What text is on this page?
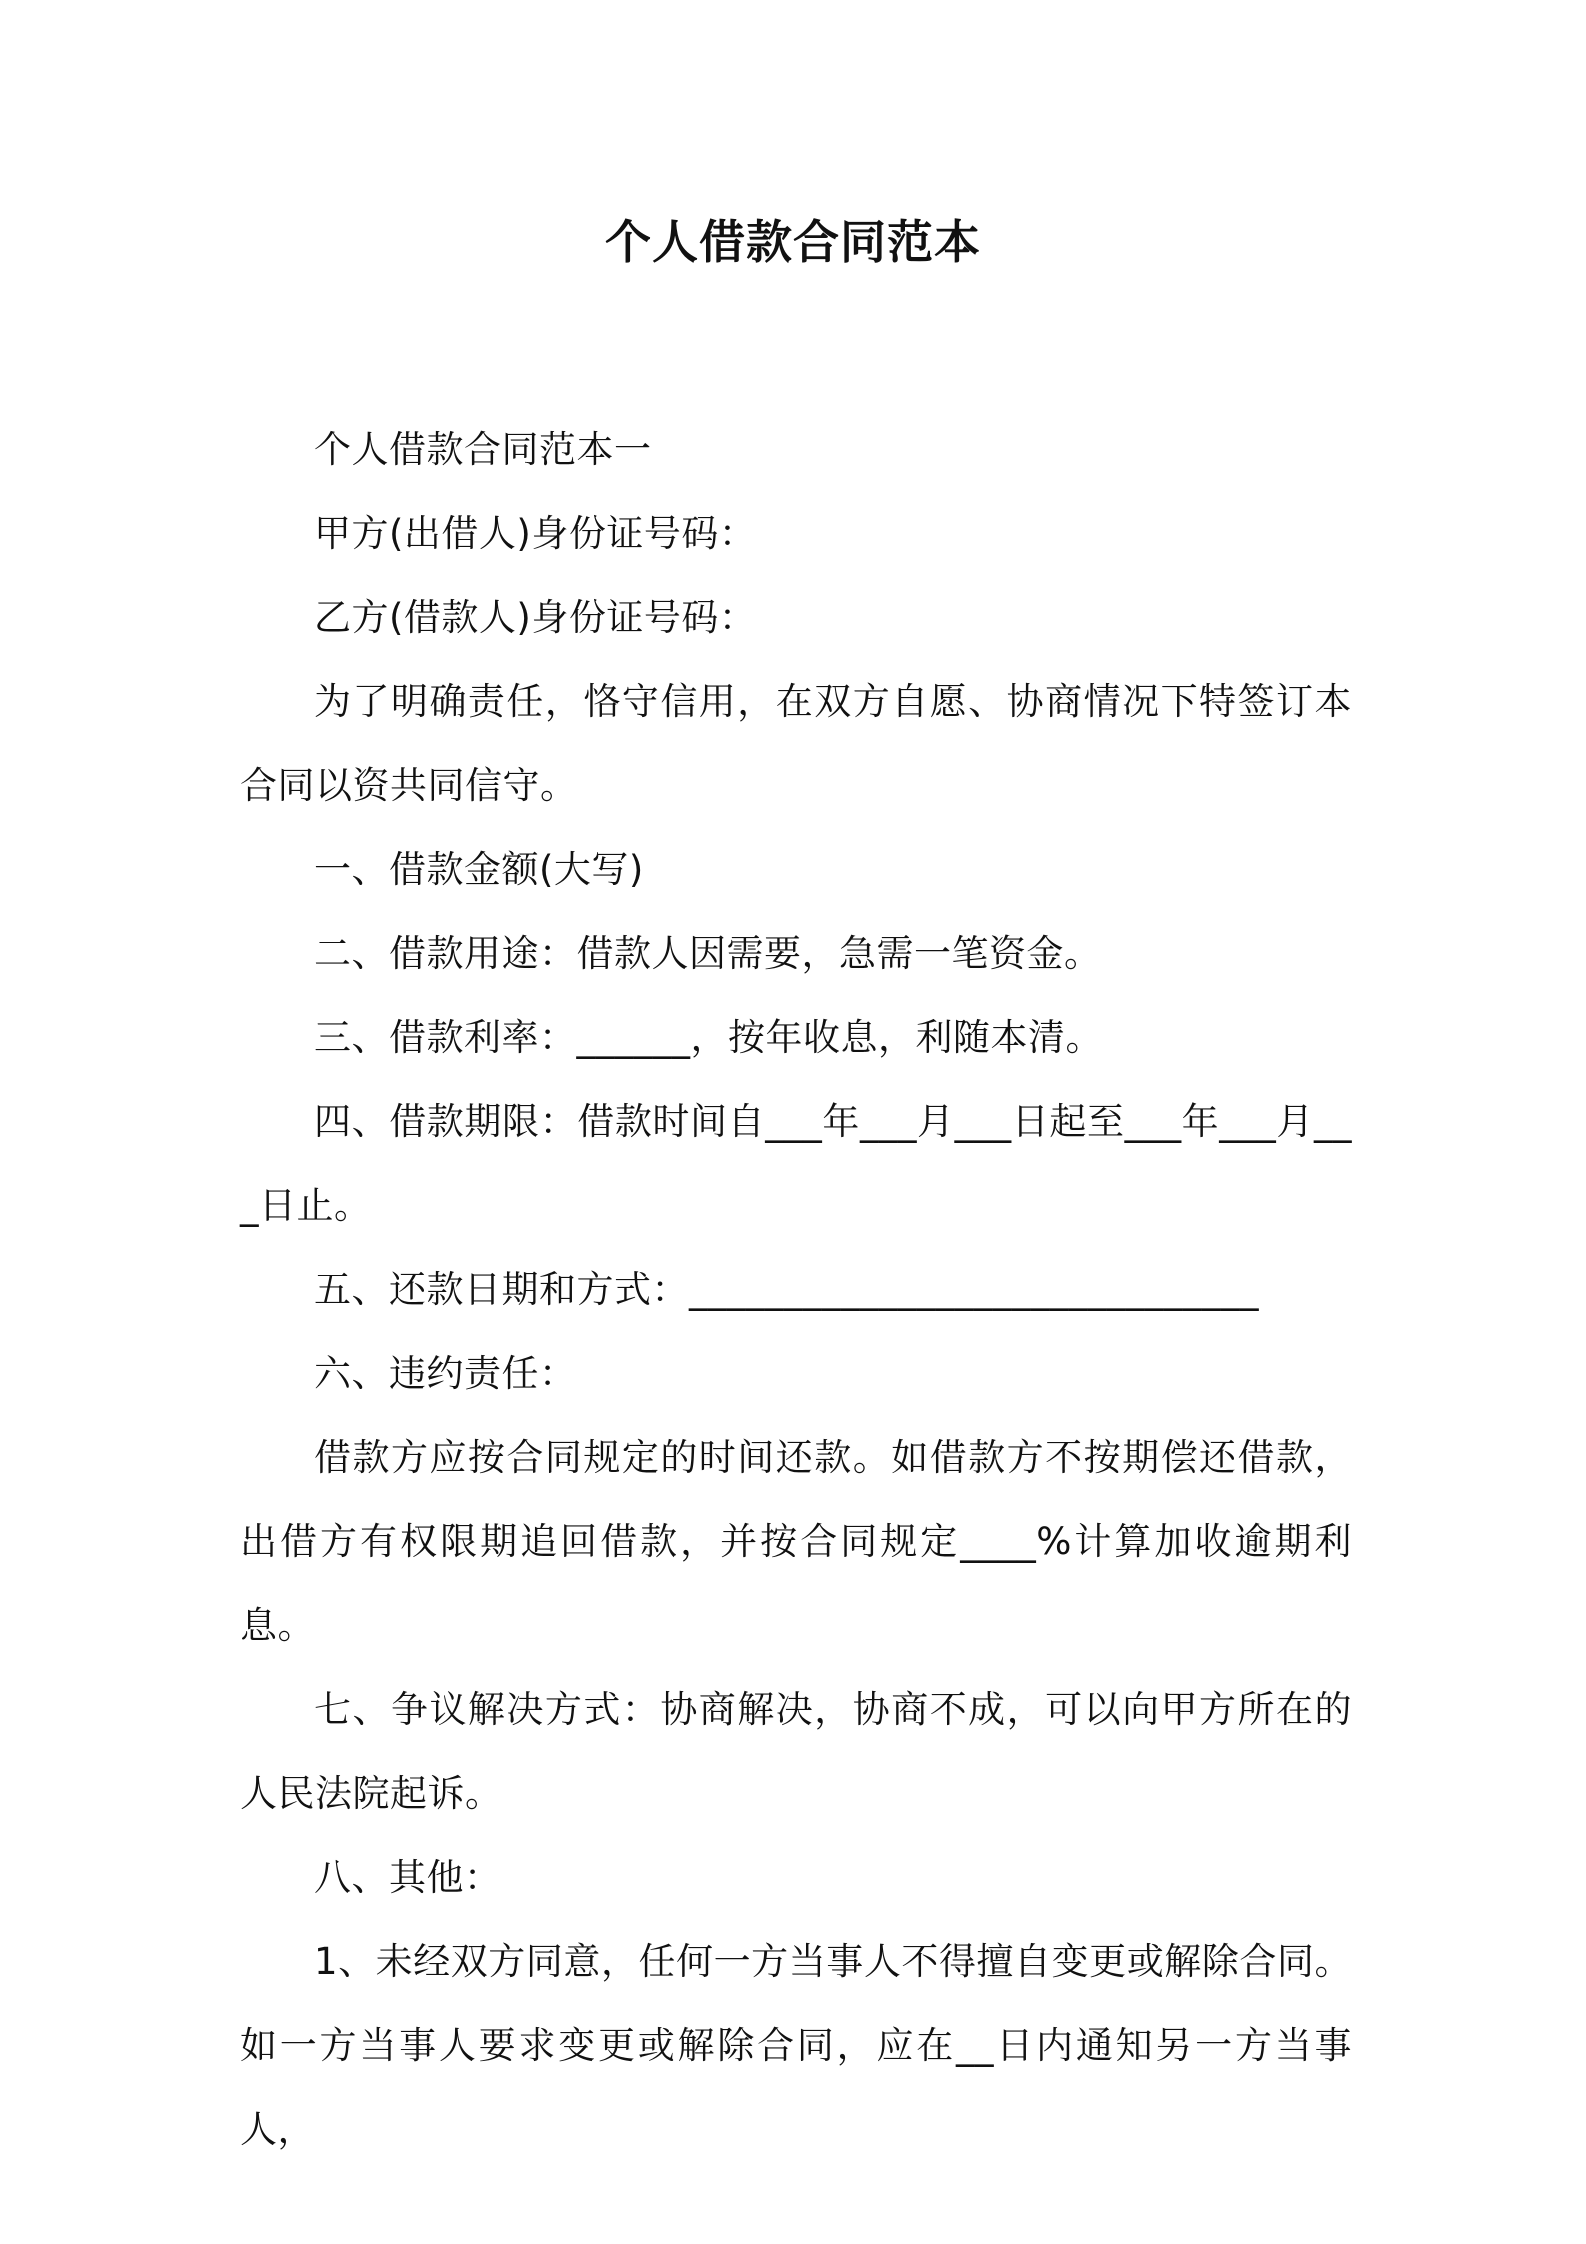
个人借款合同范本

个人借款合同范本一

甲方(出借人)身份证号码：

乙方(借款人)身份证号码：

为了明确责任，恪守信用，在双方自愿、协商情况下特签订本合同以资共同信守。

一、借款金额(大写)

二、借款用途：借款人因需要，急需一笔资金。

三、借款利率：______，按年收息，利随本清。

四、借款期限：借款时间自___年___月___日起至___年___月___日止。

五、还款日期和方式：______________________________

六、违约责任：

借款方应按合同规定的时间还款。如借款方不按期偿还借款，出借方有权限期追回借款，并按合同规定____%计算加收逾期利息。

七、争议解决方式：协商解决，协商不成，可以向甲方所在的人民法院起诉。

八、其他：

1、未经双方同意，任何一方当事人不得擅自变更或解除合同。如一方当事人要求变更或解除合同，应在__日内通知另一方当事人，
